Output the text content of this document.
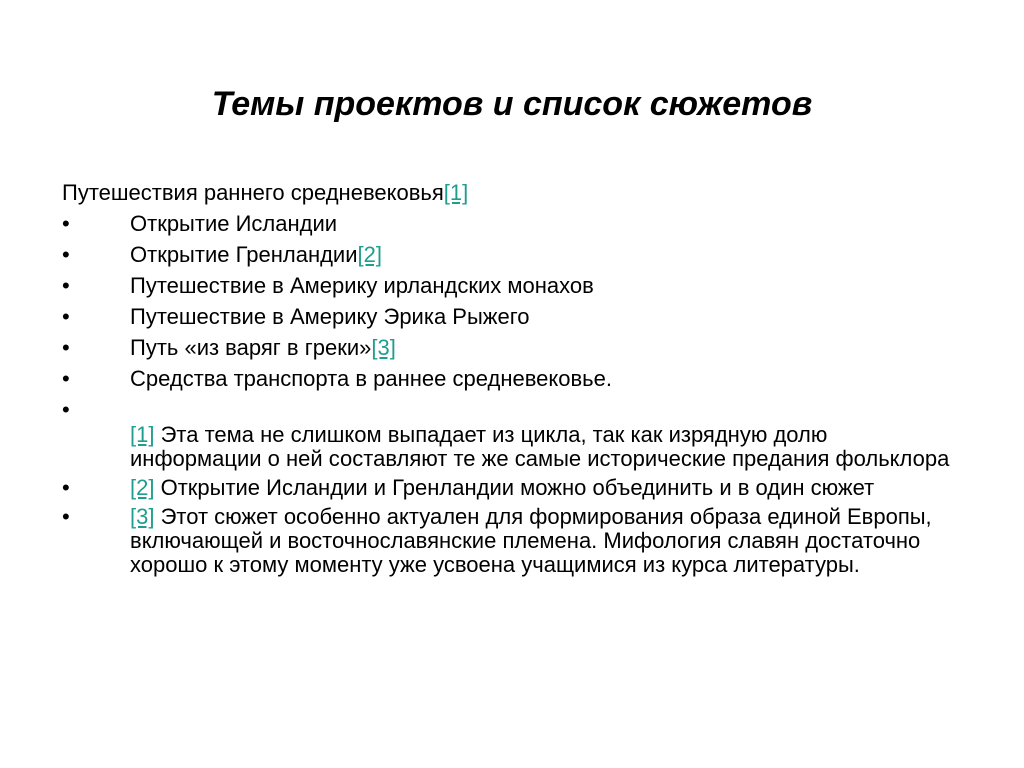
Темы проектов и список сюжетов
Путешествия раннего средневековья[1]
•	Открытие Исландии
•	Открытие Гренландии[2]
•	Путешествие в Америку ирландских монахов
•	Путешествие в Америку Эрика Рыжего
•	Путь «из варяг в греки»[3]
•	Средства транспорта в раннее средневековье.
•
[1] Эта тема не слишком выпадает из цикла, так как изрядную долю информации о ней составляют те же самые исторические предания фольклора
•	[2] Открытие Исландии и Гренландии можно объединить и в один сюжет
•	[3] Этот сюжет особенно актуален для формирования образа единой Европы, включающей и восточнославянские племена. Мифология славян достаточно хорошо к этому моменту уже усвоена учащимися из курса литературы.
